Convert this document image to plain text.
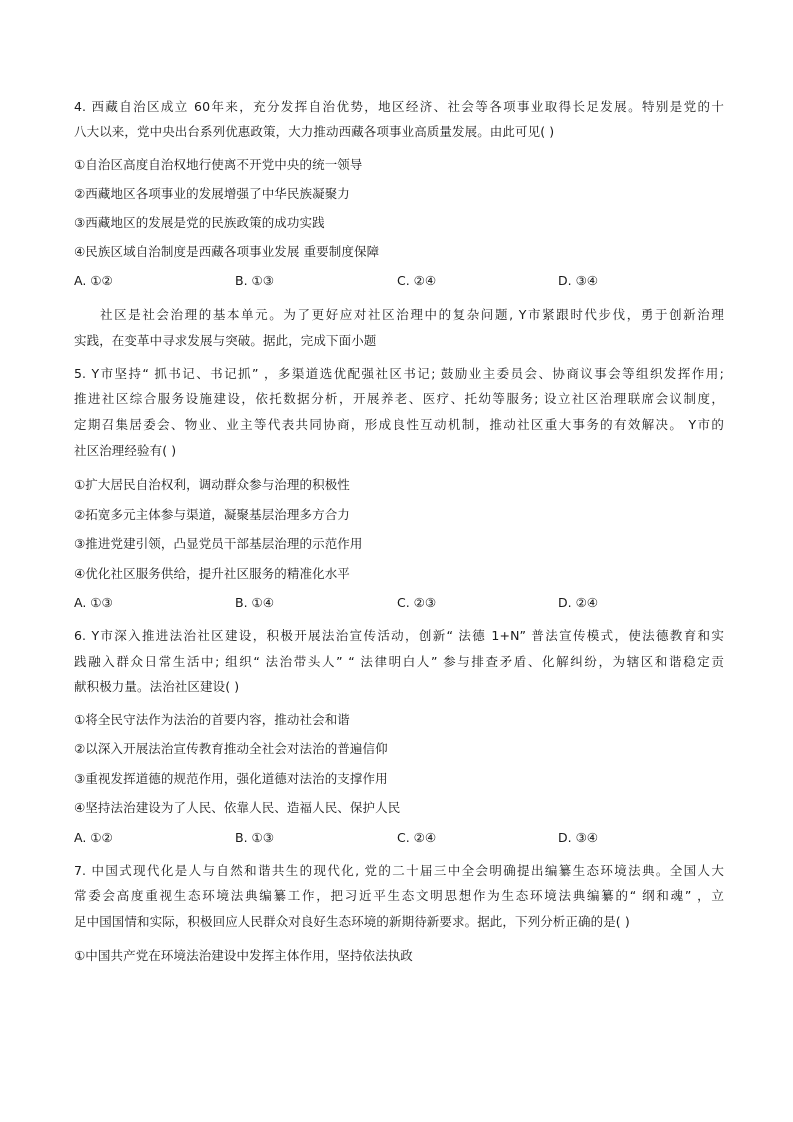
4. 西藏自治区成立 60年来，充分发挥自治优势，地区经济、社会等各项事业取得长足发展。特别是党的十
八大以来，党中央出台系列优惠政策，大力推动西藏各项事业高质量发展。由此可见( )
①自治区高度自治权地行使离不开党中央的统一领导
②西藏地区各项事业的发展增强了中华民族凝聚力
③西藏地区的发展是党的民族政策的成功实践
④民族区域自治制度是西藏各项事业发展 重要制度保障
A. ①②	B. ①③	C. ②④	D. ③④
社区是社会治理的基本单元。为了更好应对社区治理中的复杂问题, Y市紧跟时代步伐，勇于创新治理
实践，在变革中寻求发展与突破。据此，完成下面小题
5. Y市坚持“ 抓书记、书记抓” ，多渠道选优配强社区书记; 鼓励业主委员会、协商议事会等组织发挥作用;
推进社区综合服务设施建设，依托数据分析，开展养老、医疗、托幼等服务; 设立社区治理联席会议制度，
定期召集居委会、物业、业主等代表共同协商，形成良性互动机制，推动社区重大事务的有效解决。 Y市的
社区治理经验有( )
①扩大居民自治权利，调动群众参与治理的积极性
②拓宽多元主体参与渠道，凝聚基层治理多方合力
③推进党建引领，凸显党员干部基层治理的示范作用
④优化社区服务供给，提升社区服务的精准化水平
A. ①③	B. ①④	C. ②③	D. ②④
6. Y市深入推进法治社区建设，积极开展法治宣传活动，创新“ 法德 1+N” 普法宣传模式，使法德教育和实
践融入群众日常生活中; 组织“ 法治带头人” “ 法律明白人” 参与排查矛盾、化解纠纷，为辖区和谐稳定贡
献积极力量。法治社区建设( )
①将全民守法作为法治的首要内容，推动社会和谐
②以深入开展法治宣传教育推动全社会对法治的普遍信仰
③重视发挥道德的规范作用，强化道德对法治的支撑作用
④坚持法治建设为了人民、依靠人民、造福人民、保护人民
A. ①②	B. ①③	C. ②④	D. ③④
7. 中国式现代化是人与自然和谐共生的现代化, 党的二十届三中全会明确提出编纂生态环境法典。全国人大
常委会高度重视生态环境法典编纂工作，把习近平生态文明思想作为生态环境法典编纂的“ 纲和魂” ，立
足中国国情和实际，积极回应人民群众对良好生态环境的新期待新要求。据此，下列分析正确的是( )
①中国共产党在环境法治建设中发挥主体作用，坚持依法执政
